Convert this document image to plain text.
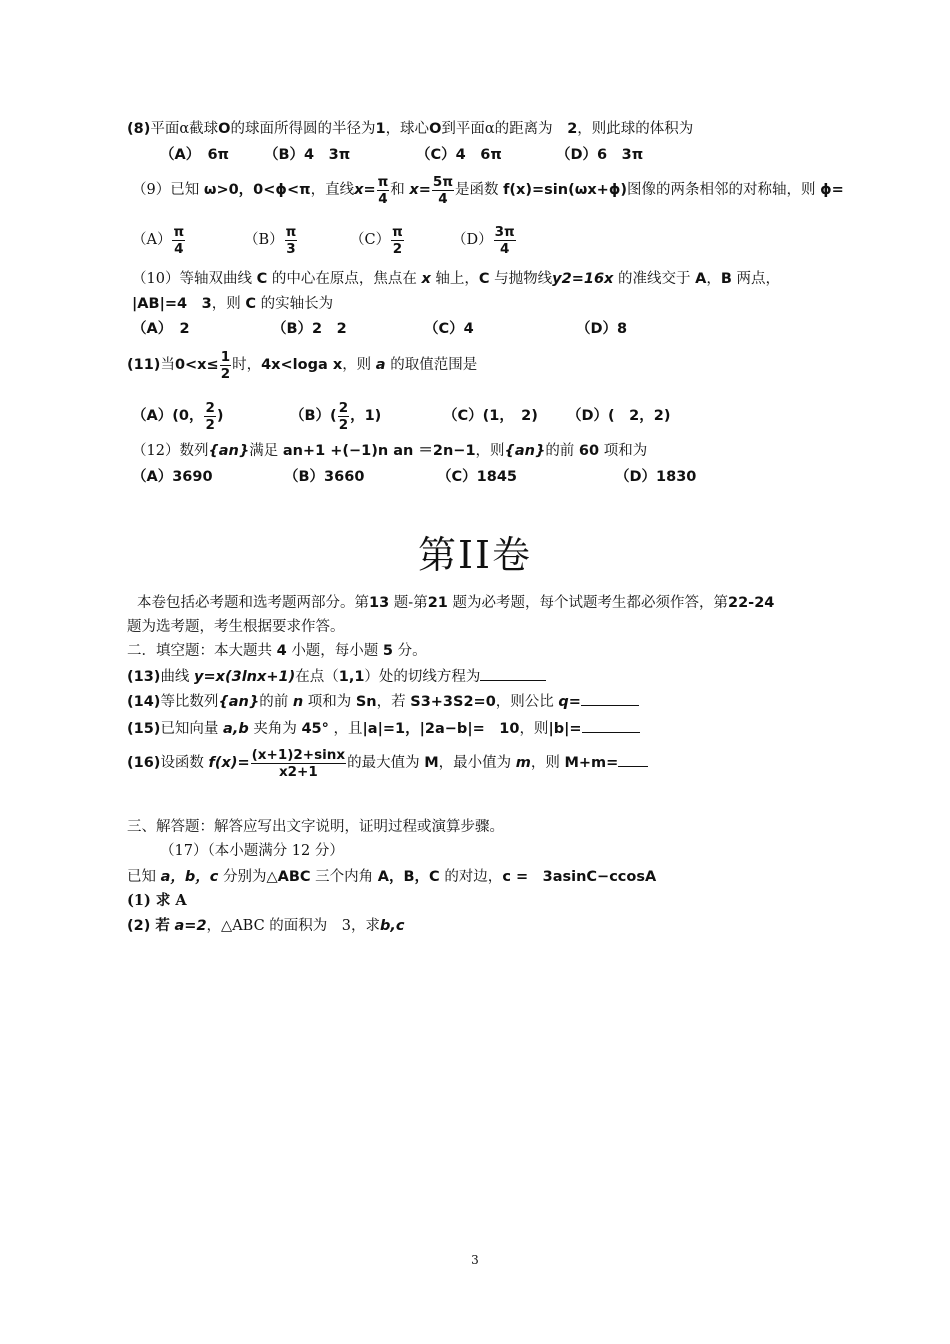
(8)平面α截球O的球面所得圆的半径为1，球心O到平面α的距离为　 2，则此球的体积为
（A）　6π （B）4　3π	（C）4　6π	（D）6　3π
（9）已知 ω>0，0<ϕ<π，直线$x= \frac{\pi}{4}$ 和 $x= \frac{5\pi}{4}$ 是函数 f(x)=sin(ωx+ϕ)图像的两条相邻的对称轴，则 ϕ=
$(A) \frac{\pi}{4}$	$(B) \frac{\pi}{3}$	$(C) \frac{\pi}{2}$	$(D) \frac{3\pi}{4}$
（10）等轴双曲线 C 的中心在原点，焦点在 x 轴上，C 与抛物线y2=16x 的准线交于 A，B 两点，
|AB|=4　3，则 C 的实轴长为
（A）　2	（B）2　2	（C）4	（D）8
(11)当$0<x\le \frac{1}{2}$ 时，4x<loga x，则 a 的取值范围是
（A）(0， $\frac{2}{2}$ )	$(B)( \frac{2}{2}$ ，1)	（C）(1，　2) （D）(　2，2)
（12）数列{an}满足 an+1 +(−1)n an ＝2n−1，则{an}的前 60 项和为
（A）3690	（B）3660	（C）1845	（D）1830
第II卷
本卷包括必考题和选考题两部分。第13 题-第21 题为必考题，每个试题考生都必须作答，第22-24
题为选考题，考生根据要求作答。
二．填空题：本大题共 4 小题，每小题 5 分。
(13)曲线 y=x(3lnx+1)在点（1,1）处的切线方程为
(14)等比数列{an}的前 n 项和为 Sn，若 S3+3S2=0，则公比 q=
(15)已知向量 a,b 夹角为 45° ，且|a|=1，|2a−b|=　10，则|b|=
(16)设函数 $f(x)= \frac{(x+1)2+\sin x}{x2+1}$ 的最大值为 M，最小值为 m，则 M+m=
三、解答题：解答应写出文字说明，证明过程或演算步骤。
（17）（本小题满分 12 分）
已知 a，b，c 分别为△ABC 三个内角 A，B，C 的对边，c =　3asinC−ccosA
(1) 求 A
(2) 若 a=2，△ABC 的面积为　3，求b,c
3
